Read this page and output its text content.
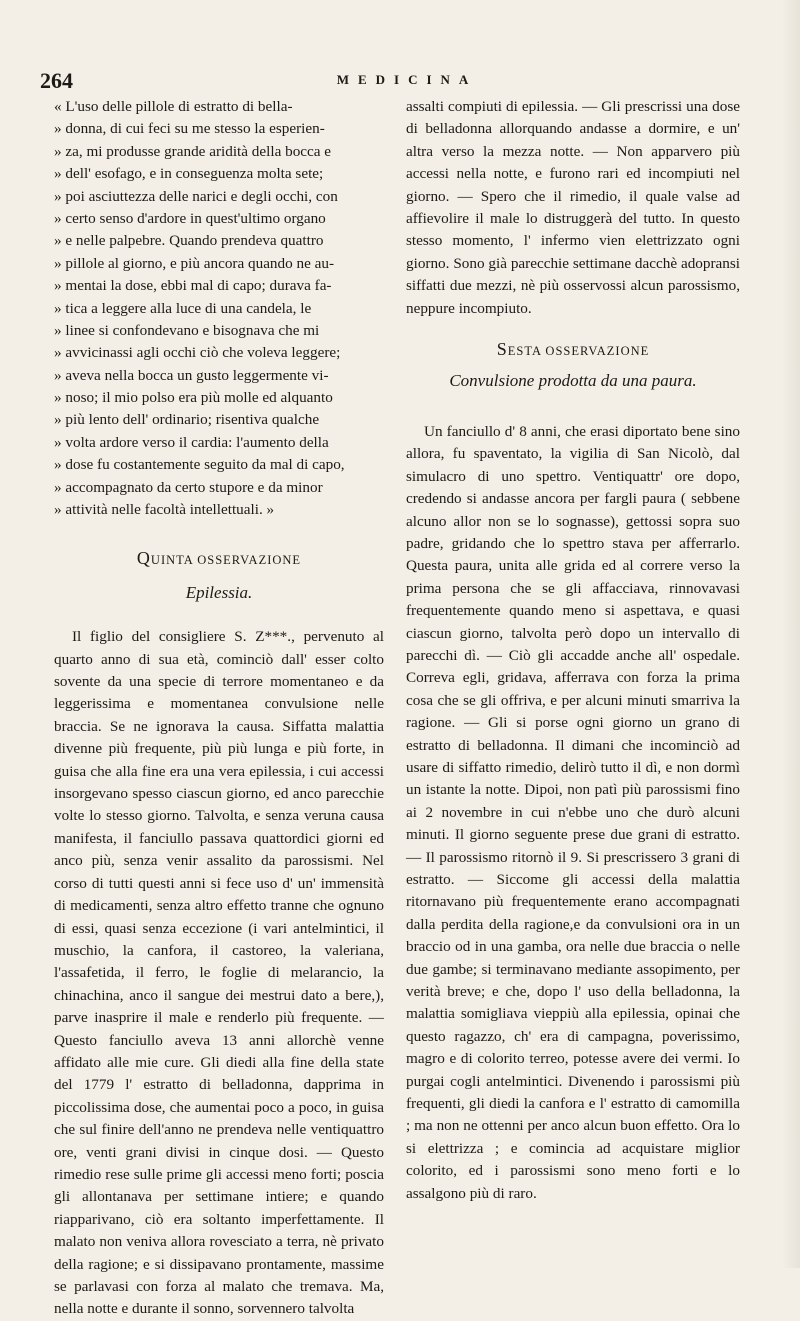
264	MEDICINA
« L'uso delle pillole di estratto di bella-
» donna, di cui feci su me stesso la esperien-
» za, mi produsse grande aridità della bocca e
» dell' esofago, e in conseguenza molta sete;
» poi asciuttezza delle narici e degli occhi, con
» certo senso d'ardore in quest'ultimo organo
» e nelle palpebre. Quando prendeva quattro
» pillole al giorno, e più ancora quando ne au-
» mentai la dose, ebbi mal di capo; durava fa-
» tica a leggere alla luce di una candela, le
» linee si confondevano e bisognava che mi
» avvicinassi agli occhi ciò che voleva leggere;
» aveva nella bocca un gusto leggermente vi-
» noso; il mio polso era più molle ed alquanto
» più lento dell' ordinario; risentiva qualche
» volta ardore verso il cardia: l'aumento della
» dose fu costantemente seguito da mal di capo,
» accompagnato da certo stupore e da minor
» attività nelle facoltà intellettuali. »
QUINTA OSSERVAZIONE
Epilessia.

Il figlio del consigliere S. Z***., pervenuto al quarto anno di sua età, cominciò dall' esser colto sovente da una specie di terrore momentaneo e da leggerissima e momentanea convulsione nelle braccia. Se ne ignorava la causa. Siffatta malattia divenne più frequente, più più lunga e più forte, in guisa che alla fine era una vera epilessia, i cui accessi insorgevano spesso ciascun giorno, ed anco parecchie volte lo stesso giorno. Talvolta, e senza veruna causa manifesta, il fanciullo passava quattordici giorni ed anco più, senza venir assalito da parossismi. Nel corso di tutti questi anni si fece uso d' un' immensità di medicamenti, senza altro effetto tranne che ognuno di essi, quasi senza eccezione (i vari antelmintici, il muschio, la canfora, il castoreo, la valeriana, l'assafetida, il ferro, le foglie di melarancio, la chinachina, anco il sangue dei mestrui dato a bere,), parve inasprire il male e renderlo più frequente. — Questo fanciullo aveva 13 anni allorchè venne affidato alle mie cure. Gli diedi alla fine della state del 1779 l' estratto di belladonna, dapprima in piccolissima dose, che aumentai poco a poco, in guisa che sul finire dell'anno ne prendeva nelle ventiquattro ore, venti grani divisi in cinque dosi. — Questo rimedio rese sulle prime gli accessi meno forti; poscia gli allontanava per settimane intiere; e quando riapparivano, ciò era soltanto imperfettamente. Il malato non veniva allora rovesciato a terra, nè privato della ragione; e si dissipavano prontamente, massime se parlavasi con forza al malato che tremava. Ma, nella notte e durante il sonno, sorvennero talvolta

assalti compiuti di epilessia. — Gli prescrissi una dose di belladonna allorquando andasse a dormire, e un' altra verso la mezza notte. — Non apparvero più accessi nella notte, e furono rari ed incompiuti nel giorno. — Spero che il rimedio, il quale valse ad affievolire il male lo distruggerà del tutto. In questo stesso momento, l' infermo vien elettrizzato ogni giorno. Sono già parecchie settimane dacchè adopransi siffatti due mezzi, nè più osservossi alcun parossismo, neppure incompiuto.

SESTA OSSERVAZIONE
Convulsione prodotta da una paura.

Un fanciullo d' 8 anni, che erasi diportato bene sino allora, fu spaventato, la vigilia di San Nicolò, dal simulacro di uno spettro. Ventiquattr' ore dopo, credendo si andasse ancora per fargli paura ( sebbene alcuno allor non se lo sognasse), gettossi sopra suo padre, gridando che lo spettro stava per afferrarlo. Questa paura, unita alle grida ed al correre verso la prima persona che se gli affacciava, rinnovavasi frequentemente quando meno si aspettava, e quasi ciascun giorno, talvolta però dopo un intervallo di parecchi dì. — Ciò gli accadde anche all' ospedale. Correva egli, gridava, afferrava con forza la prima cosa che se gli offriva, e per alcuni minuti smarriva la ragione. — Gli si porse ogni giorno un grano di estratto di belladonna. Il dimani che incominciò ad usare di siffatto rimedio, delirò tutto il dì, e non dormì un istante la notte. Dipoi, non patì più parossismi fino ai 2 novembre in cui n'ebbe uno che durò alcuni minuti. Il giorno seguente prese due grani di estratto. — Il parossismo ritornò il 9. Si prescrissero 3 grani di estratto. — Siccome gli accessi della malattia ritornavano più frequentemente erano accompagnati dalla perdita della ragione,e da convulsioni ora in un braccio od in una gamba, ora nelle due braccia o nelle due gambe; si terminavano mediante assopimento, per verità breve; e che, dopo l' uso della belladonna, la malattia somigliava vieppiù alla epilessia, opinai che questo ragazzo, ch' era di campagna, poverissimo, magro e di colorito terreo, potesse avere dei vermi. Io purgai cogli antelmintici. Divenendo i parossismi più frequenti, gli diedi la canfora e l' estratto di camomilla ; ma non ne ottenni per anco alcun buon effetto. Ora lo si elettrizza ; e comincia ad acquistare miglior colorito, ed i parossismi sono meno forti e lo assalgono più di raro.
